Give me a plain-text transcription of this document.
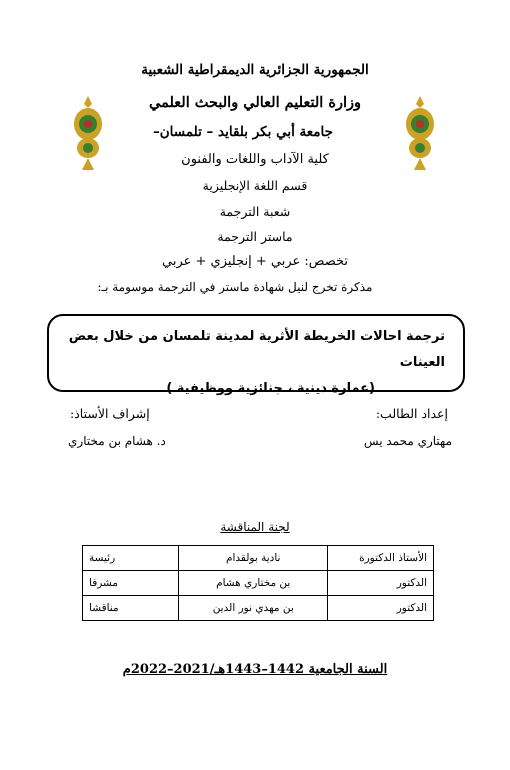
الجمهورية الجزائرية الديمقراطية الشعبية
وزارة التعليم العالي والبحث العلمي
جامعة أبي بكر بلقايد – تلمسان–
كلية الآداب واللغات والفنون
قسم اللغة الإنجليزية
شعبة الترجمة
ماستر الترجمة
تخصص: عربي + إنجليزي + عربي
مذكرة تخرج لنيل شهادة ماستر في الترجمة موسومة بـ:
ترجمة احالات الخريطة الأثرية لمدينة تلمسان من خلال بعض
العينات
(عمارة دينية ، جنائزية ووظيفية )
إعداد الطالب:
إشراف الأستاذ:
مهتاري محمد يس
د. هشام بن مختاري
لجنة المناقشة
الأستاذ الدكتورة	نادية بولقدام	رئيسة
الدكتور	بن مختاري هشام	مشرفا
الدكتور	بن مهدي نور الدين	مناقشا
السنة الجامعية 1442–1443هـ/2021–2022م
